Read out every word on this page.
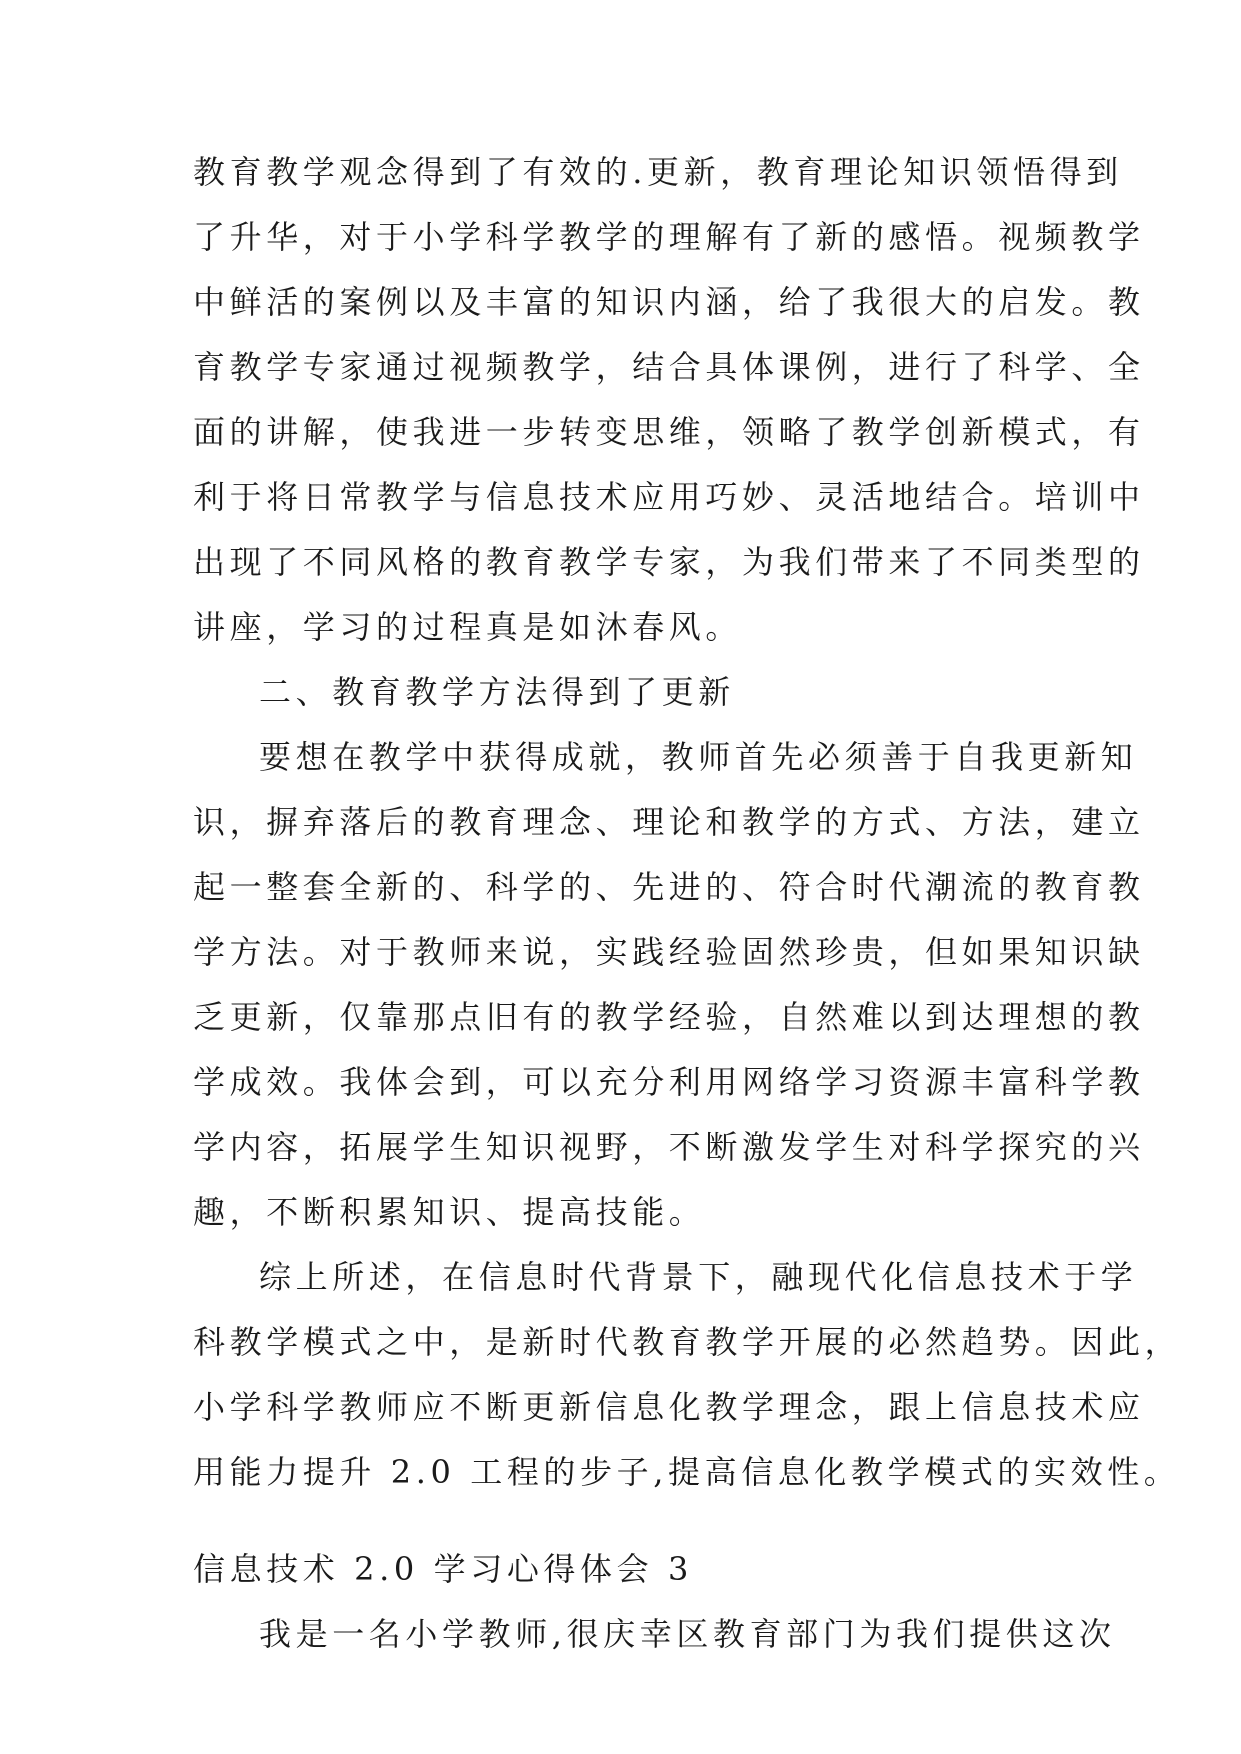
教育教学观念得到了有效的.更新，教育理论知识领悟得到
了升华，对于小学科学教学的理解有了新的感悟。视频教学
中鲜活的案例以及丰富的知识内涵，给了我很大的启发。教
育教学专家通过视频教学，结合具体课例，进行了科学、全
面的讲解，使我进一步转变思维，领略了教学创新模式，有
利于将日常教学与信息技术应用巧妙、灵活地结合。培训中
出现了不同风格的教育教学专家，为我们带来了不同类型的
讲座，学习的过程真是如沐春风。
二、教育教学方法得到了更新
要想在教学中获得成就，教师首先必须善于自我更新知
识，摒弃落后的教育理念、理论和教学的方式、方法，建立
起一整套全新的、科学的、先进的、符合时代潮流的教育教
学方法。对于教师来说，实践经验固然珍贵，但如果知识缺
乏更新，仅靠那点旧有的教学经验，自然难以到达理想的教
学成效。我体会到，可以充分利用网络学习资源丰富科学教
学内容，拓展学生知识视野，不断激发学生对科学探究的兴
趣，不断积累知识、提高技能。
综上所述，在信息时代背景下，融现代化信息技术于学
科教学模式之中，是新时代教育教学开展的必然趋势。因此，
小学科学教师应不断更新信息化教学理念，跟上信息技术应
用能力提升 2.0 工程的步子,提高信息化教学模式的实效性。
信息技术 2.0 学习心得体会 3
我是一名小学教师,很庆幸区教育部门为我们提供这次
